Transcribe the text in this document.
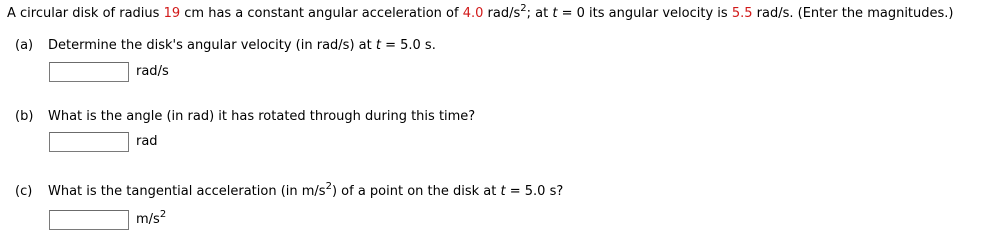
A circular disk of radius 19 cm has a constant angular acceleration of 4.0 rad/$s^2$; at t = 0 its angular velocity is 5.5 rad/s. (Enter the magnitudes.)
(a) Determine the disk's angular velocity (in rad/s) at t = 5.0 s.
rad/s
(b) What is the angle (in rad) it has rotated through during this time?
rad
(c) What is the tangential acceleration (in $m/s^2$) of a point on the disk at t = 5.0 s?
$m/s^2$
